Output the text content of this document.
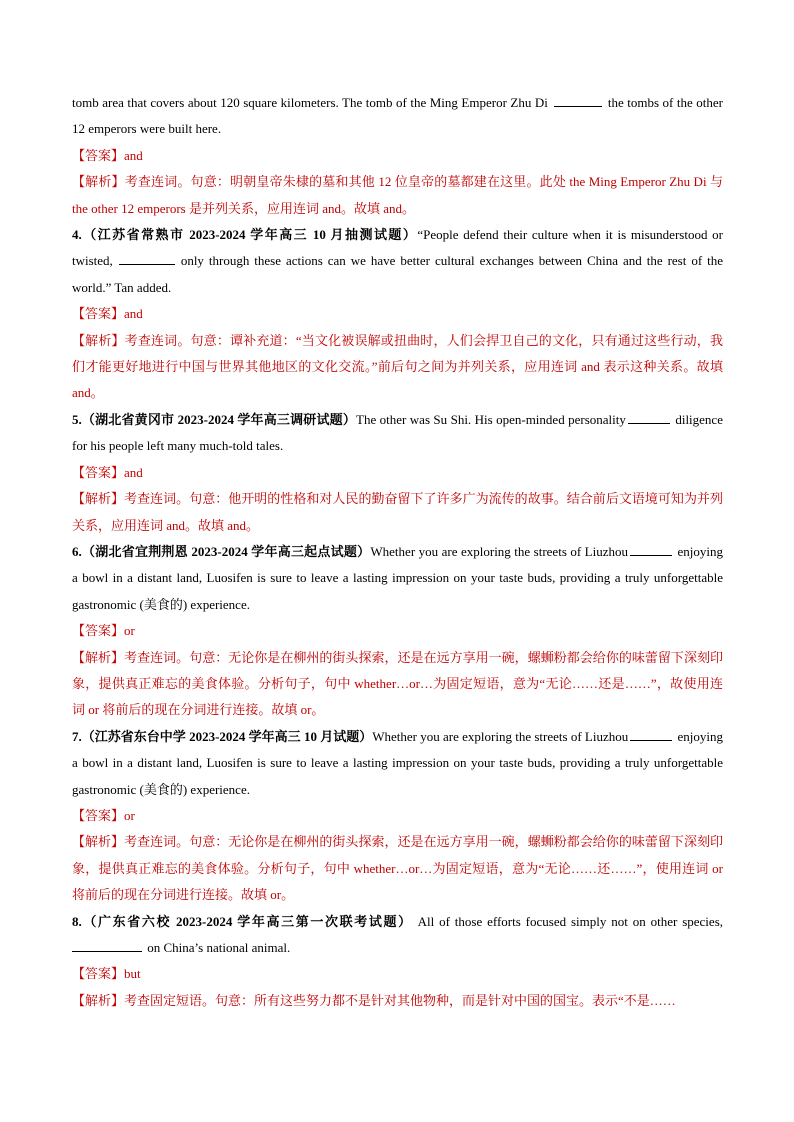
tomb area that covers about 120 square kilometers. The tomb of the Ming Emperor Zhu Di	the tombs of the other 12 emperors were built here.

【答案】and

【解析】考查连词。句意：明朝皇帝朱棣的墓和其他 12 位皇帝的墓都建在这里。此处 the Ming Emperor Zhu Di 与 the other 12 emperors 是并列关系，应用连词 and。故填 and。

4.（江苏省常熟市 2023-2024 学年高三 10 月抽测试题）“People defend their culture when it is misunderstood or twisted,	only through these actions can we have better cultural exchanges between China and the rest of the world.” Tan added.

【答案】and

【解析】考查连词。句意：谭补充道：“当文化被误解或扭曲时，人们会捍卫自己的文化，只有通过这些行动，我们才能更好地进行中国与世界其他地区的文化交流。”前后句之间为并列关系，应用连词 and 表示这种关系。故填 and。

5.（湖北省黄冈市 2023-2024 学年高三调研试题）The other was Su Shi. His open-minded personality	diligence for his people left many much-told tales.

【答案】and

【解析】考查连词。句意：他开明的性格和对人民的勤奋留下了许多广为流传的故事。结合前后文语境可知为并列关系，应用连词 and。故填 and。

6.（湖北省宜荆荆恩 2023-2024 学年高三起点试题）Whether you are exploring the streets of Liuzhou	enjoying a bowl in a distant land, Luosifen is sure to leave a lasting impression on your taste buds, providing a truly unforgettable gastronomic (美食的) experience.

【答案】or

【解析】考查连词。句意：无论你是在柳州的街头探索，还是在远方享用一碗，螺蛳粉都会给你的味蕾留下深刻印象，提供真正难忘的美食体验。分析句子，句中 whether…or…为固定短语，意为“无论……还是……”，故使用连词 or 将前后的现在分词进行连接。故填 or。

7.（江苏省东台中学 2023-2024 学年高三 10 月试题）Whether you are exploring the streets of Liuzhou	enjoying a bowl in a distant land, Luosifen is sure to leave a lasting impression on your taste buds, providing a truly unforgettable gastronomic (美食的) experience.

【答案】or

【解析】考查连词。句意：无论你是在柳州的街头探索，还是在远方享用一碗，螺蛳粉都会给你的味蕾留下深刻印象，提供真正难忘的美食体验。分析句子，句中 whether…or…为固定短语，意为“无论……还……”，使用连词 or 将前后的现在分词进行连接。故填 or。

8.（广东省六校 2023-2024 学年高三第一次联考试题） All of those efforts focused simply not on other species, on China’s national animal.

【答案】but

【解析】考查固定短语。句意：所有这些努力都不是针对其他物种，而是针对中国的国宝。表示“不是……
